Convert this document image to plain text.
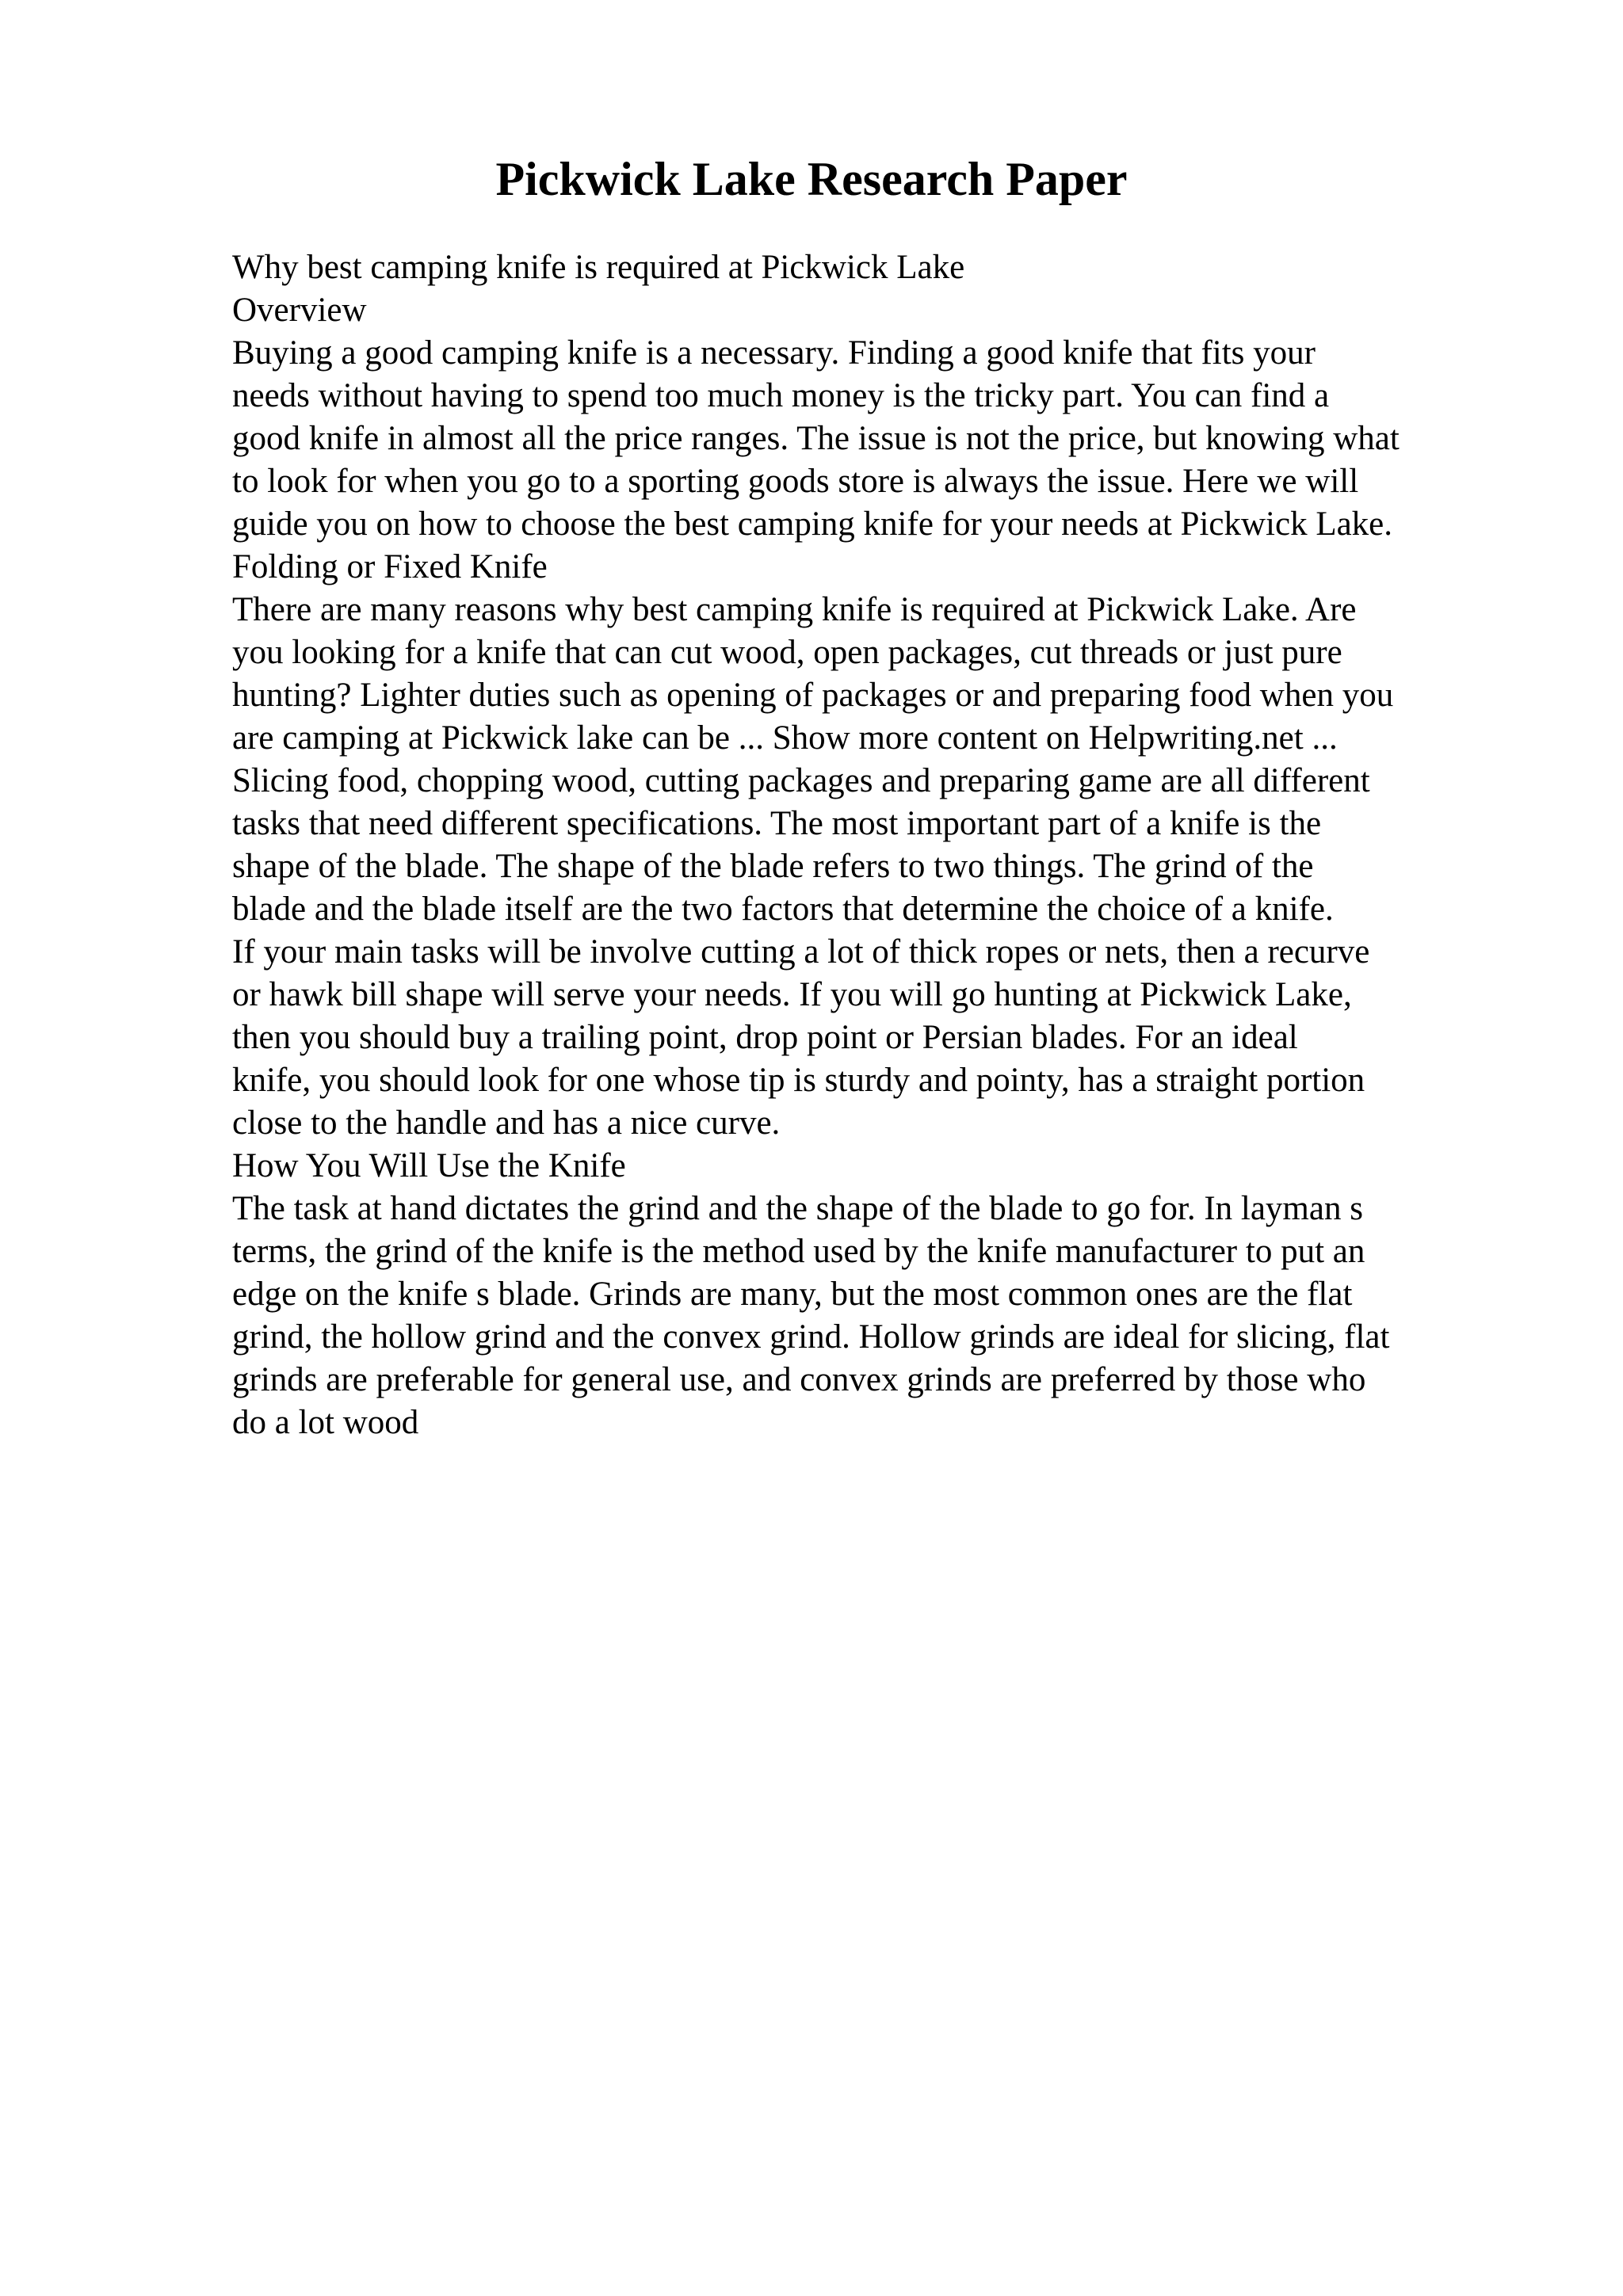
Pickwick Lake Research Paper
Why best camping knife is required at Pickwick Lake
Overview
Buying a good camping knife is a necessary. Finding a good knife that fits your
needs without having to spend too much money is the tricky part. You can find a
good knife in almost all the price ranges. The issue is not the price, but knowing what
to look for when you go to a sporting goods store is always the issue. Here we will
guide you on how to choose the best camping knife for your needs at Pickwick Lake.
Folding or Fixed Knife
There are many reasons why best camping knife is required at Pickwick Lake. Are
you looking for a knife that can cut wood, open packages, cut threads or just pure
hunting? Lighter duties such as opening of packages or and preparing food when you
are camping at Pickwick lake can be ... Show more content on Helpwriting.net ...
Slicing food, chopping wood, cutting packages and preparing game are all different
tasks that need different specifications. The most important part of a knife is the
shape of the blade. The shape of the blade refers to two things. The grind of the
blade and the blade itself are the two factors that determine the choice of a knife.
If your main tasks will be involve cutting a lot of thick ropes or nets, then a recurve
or hawk bill shape will serve your needs. If you will go hunting at Pickwick Lake,
then you should buy a trailing point, drop point or Persian blades. For an ideal
knife, you should look for one whose tip is sturdy and pointy, has a straight portion
close to the handle and has a nice curve.
How You Will Use the Knife
The task at hand dictates the grind and the shape of the blade to go for. In layman s
terms, the grind of the knife is the method used by the knife manufacturer to put an
edge on the knife s blade. Grinds are many, but the most common ones are the flat
grind, the hollow grind and the convex grind. Hollow grinds are ideal for slicing, flat
grinds are preferable for general use, and convex grinds are preferred by those who
do a lot wood
